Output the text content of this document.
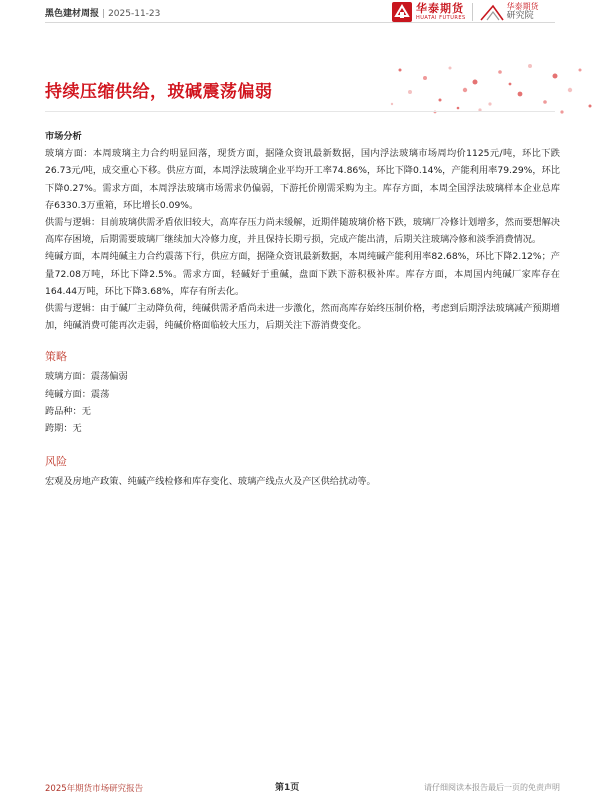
黑色建材周报 | 2025-11-23	华泰期货
HUATAI FUTURES
华泰期货
研究院
持续压缩供给，玻碱震荡偏弱
市场分析

玻璃方面：本周玻璃主力合约明显回落，现货方面，据隆众资讯最新数据，国内浮法玻璃市场周均价1125元/吨，环比下跌26.73元/吨，成交重心下移。供应方面，本周浮法玻璃企业平均开工率74.86%，环比下降0.14%，产能利用率79.29%，环比下降0.27%。需求方面，本周浮法玻璃市场需求仍偏弱，下游托价刚需采购为主。库存方面，本周全国浮法玻璃样本企业总库存6330.3万重箱，环比增长0.09%。

供需与逻辑：目前玻璃供需矛盾依旧较大，高库存压力尚未缓解，近期伴随玻璃价格下跌，玻璃厂冷修计划增多，然而要想解决高库存困境，后期需要玻璃厂继续加大冷修力度，并且保持长期亏损，完成产能出清，后期关注玻璃冷修和淡季消费情况。

纯碱方面，本周纯碱主力合约震荡下行，供应方面，据隆众资讯最新数据，本周纯碱产能利用率82.68%，环比下降2.12%；产量72.08万吨，环比下降2.5%。需求方面，轻碱好于重碱，盘面下跌下游积极补库。库存方面，本周国内纯碱厂家库存在164.44万吨，环比下降3.68%，库存有所去化。

供需与逻辑：由于碱厂主动降负荷，纯碱供需矛盾尚未进一步激化，然而高库存始终压制价格，考虑到后期浮法玻璃减产预期增加，纯碱消费可能再次走弱，纯碱价格面临较大压力，后期关注下游消费变化。

策略

玻璃方面：震荡偏弱

纯碱方面：震荡

跨品种：无

跨期：无

风险

宏观及房地产政策、纯碱产线检修和库存变化、玻璃产线点火及产区供给扰动等。

2025年期货市场研究报告	第1页	请仔细阅读本报告最后一页的免责声明
